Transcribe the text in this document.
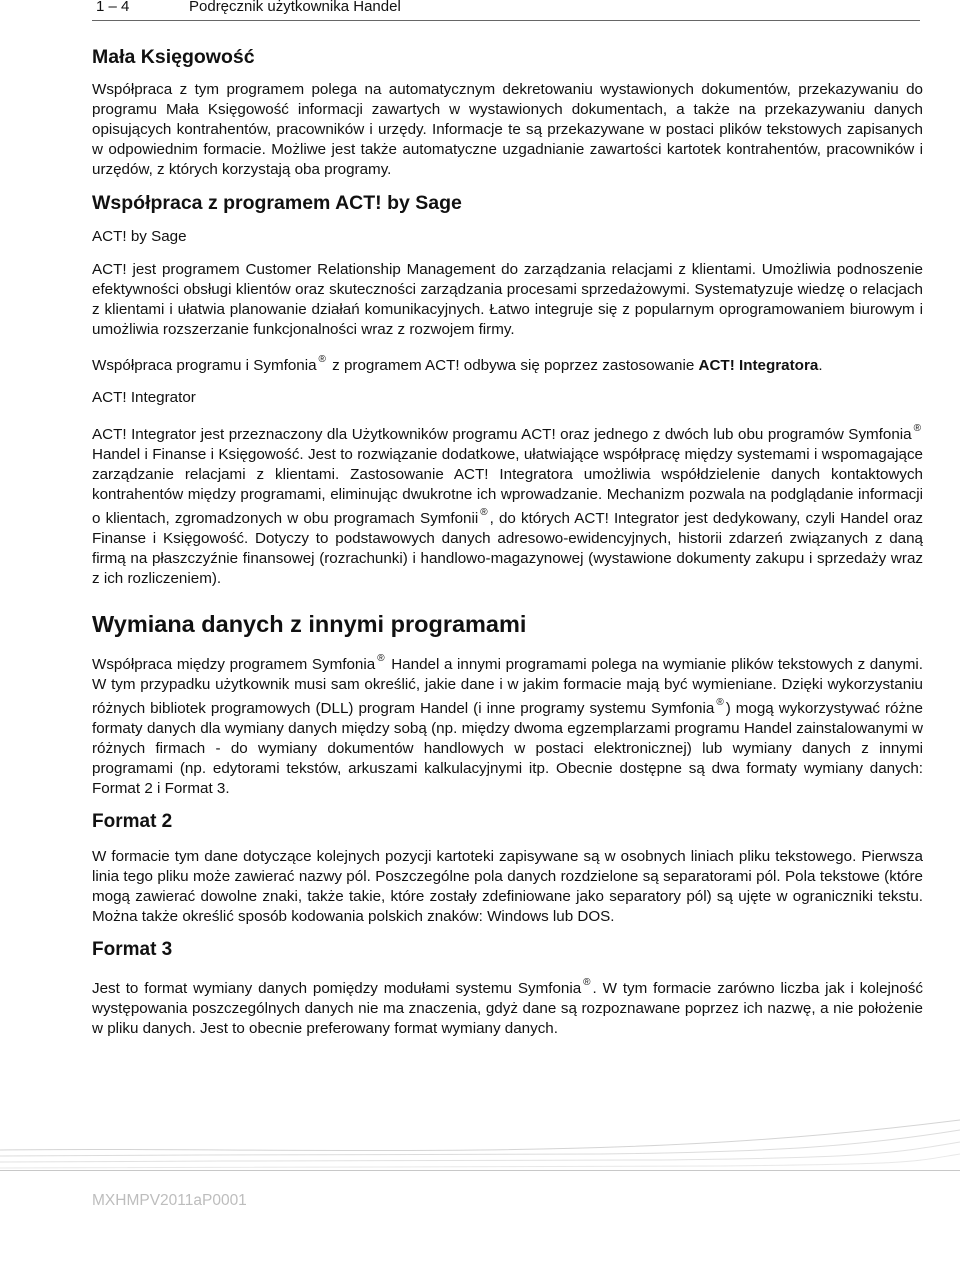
1 – 4	Podręcznik użytkownika Handel
Mała Księgowość

Współpraca z tym programem polega na automatycznym dekretowaniu wystawionych dokumentów, przekazywaniu do programu Mała Księgowość informacji zawartych w wystawionych dokumentach, a także na przekazywaniu danych opisujących kontrahentów, pracowników i urzędy. Informacje te są przekazywane w postaci plików tekstowych zapisanych w odpowiednim formacie. Możliwe jest także automatyczne uzgadnianie zawartości kartotek kontrahentów, pracowników i urzędów, z których korzystają oba programy.

Współpraca z programem ACT! by Sage
ACT! by Sage

ACT! jest programem Customer Relationship Management do zarządzania relacjami z klientami. Umożliwia podnoszenie efektywności obsługi klientów oraz skuteczności zarządzania procesami sprzedażowymi. Systematyzuje wiedzę o relacjach z klientami i ułatwia planowanie działań komunikacyjnych. Łatwo integruje się z popularnym oprogramowaniem biurowym i umożliwia rozszerzanie funkcjonalności wraz z rozwojem firmy.

Współpraca programu i Symfonia ® z programem ACT! odbywa się poprzez zastosowanie ACT! Integratora.

ACT! Integrator

ACT! Integrator jest przeznaczony dla Użytkowników programu ACT! oraz jednego z dwóch lub obu programów Symfonia ® Handel i Finanse i Księgowość. Jest to rozwiązanie dodatkowe, ułatwiające współpracę między systemami i wspomagające zarządzanie relacjami z klientami. Zastosowanie ACT! Integratora umożliwia współdzielenie danych kontaktowych kontrahentów między programami, eliminując dwukrotne ich wprowadzanie. Mechanizm pozwala na podglądanie informacji o klientach, zgromadzonych w obu programach Symfonii ® , do których ACT! Integrator jest dedykowany, czyli Handel oraz Finanse i Księgowość. Dotyczy to podstawowych danych adresowo-ewidencyjnych, historii zdarzeń związanych z daną firmą na płaszczyźnie finansowej (rozrachunki) i handlowo-magazynowej (wystawione dokumenty zakupu i sprzedaży wraz z ich rozliczeniem).

Wymiana danych z innymi programami

Współpraca między programem Symfonia ® Handel a innymi programami polega na wymianie plików tekstowych z danymi. W tym przypadku użytkownik musi sam określić, jakie dane i w jakim formacie mają być wymieniane. Dzięki wykorzystaniu różnych bibliotek programowych (DLL) program Handel (i inne programy systemu Symfonia ® ) mogą wykorzystywać różne formaty danych dla wymiany danych między sobą (np. między dwoma egzemplarzami programu Handel zainstalowanymi w różnych firmach - do wymiany dokumentów handlowych w postaci elektronicznej) lub wymiany danych z innymi programami (np. edytorami tekstów, arkuszami kalkulacyjnymi itp. Obecnie dostępne są dwa formaty wymiany danych: Format 2 i Format 3.

Format 2

W formacie tym dane dotyczące kolejnych pozycji kartoteki zapisywane są w osobnych liniach pliku tekstowego. Pierwsza linia tego pliku może zawierać nazwy pól. Poszczególne pola danych rozdzielone są separatorami pól. Pola tekstowe (które mogą zawierać dowolne znaki, także takie, które zostały zdefiniowane jako separatory pól) są ujęte w ograniczniki tekstu. Można także określić sposób kodowania polskich znaków: Windows lub DOS.

Format 3

Jest to format wymiany danych pomiędzy modułami systemu Symfonia ® . W tym formacie zarówno liczba jak i kolejność występowania poszczególnych danych nie ma znaczenia, gdyż dane są rozpoznawane poprzez ich nazwę, a nie położenie w pliku danych. Jest to obecnie preferowany format wymiany danych.

MXHMPV2011aP0001
